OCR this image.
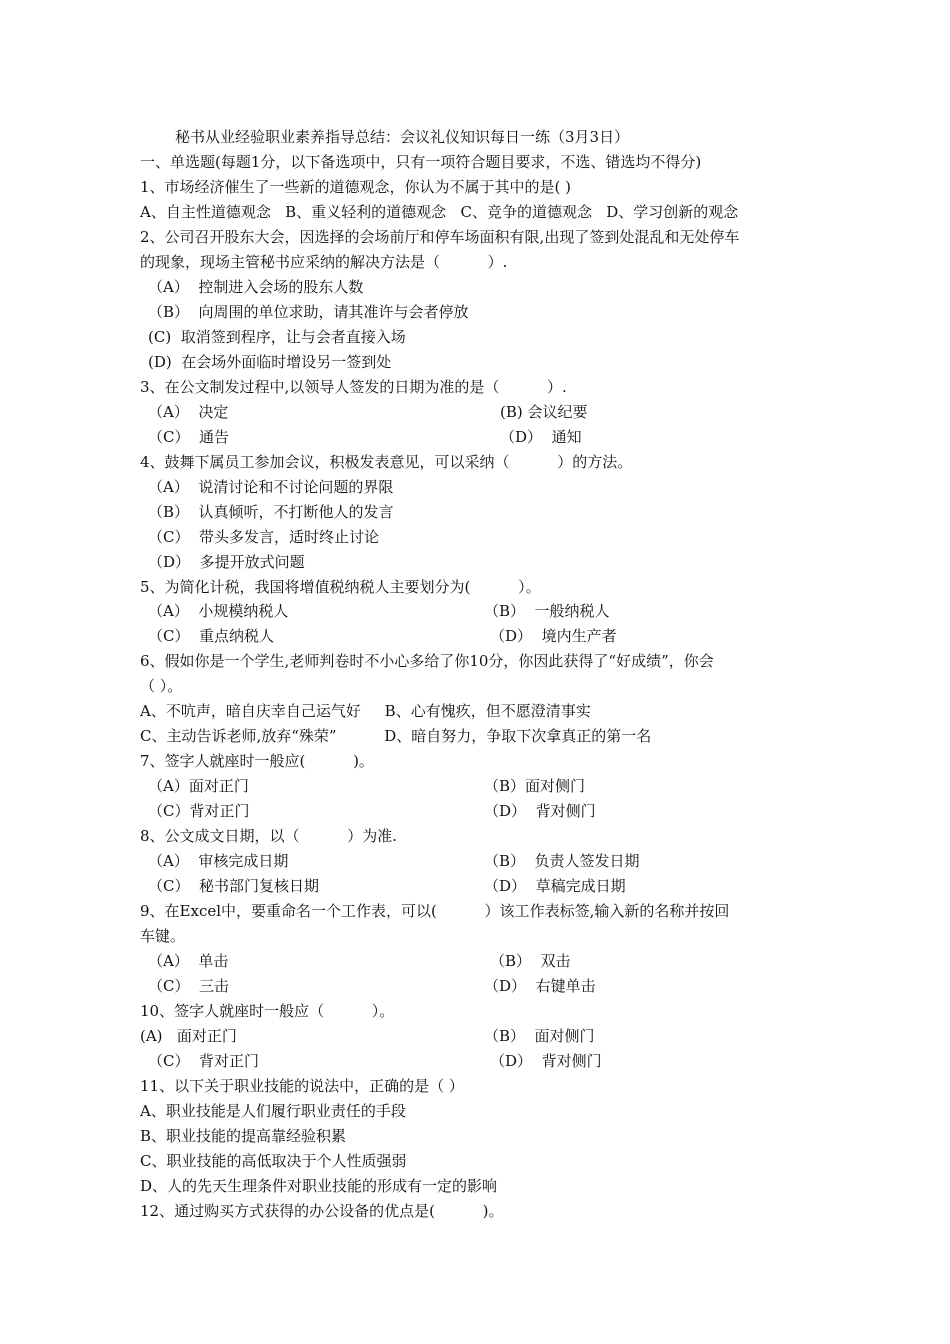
秘书从业经验职业素养指导总结：会议礼仪知识每日一练（3月3日）
一、单选题(每题1分，以下备选项中，只有一项符合题目要求，不选、错选均不得分)
1、市场经济催生了一些新的道德观念，你认为不属于其中的是( )
A、自主性道德观念   B、重义轻利的道德观念   C、竞争的道德观念   D、学习创新的观念
2、公司召开股东大会，因选择的会场前厅和停车场面积有限,出现了签到处混乱和无处停车
的现象，现场主管秘书应采纳的解决方法是（          ）.
（A）  控制进入会场的股东人数
（B）  向周围的单位求助，请其准许与会者停放
(C)  取消签到程序，让与会者直接入场
(D)  在会场外面临时增设另一签到处
3、在公文制发过程中,以领导人签发的日期为准的是（          ）.
（A）  决定	(B) 会议纪要
（C）  通告	（D）  通知
4、鼓舞下属员工参加会议，积极发表意见，可以采纳（          ）的方法。
（A）  说清讨论和不讨论问题的界限
（B）  认真倾听，不打断他人的发言
（C）  带头多发言，适时终止讨论
（D）  多提开放式问题
5、为简化计税，我国将增值税纳税人主要划分为(          ）。
（A）  小规模纳税人	（B）  一般纳税人
（C）  重点纳税人	（D）  境内生产者
6、假如你是一个学生,老师判卷时不小心多给了你10分，你因此获得了“好成绩”，你会
（ ）。
A、不吭声，暗自庆幸自己运气好     B、心有愧疚，但不愿澄清事实
C、主动告诉老师,放弃“殊荣”          D、暗自努力，争取下次拿真正的第一名
7、签字人就座时一般应(          )。
（A）面对正门	（B）面对侧门
（C）背对正门	（D）  背对侧门
8、公文成文日期，以（          ）为准.
（A）  审核完成日期	（B）  负责人签发日期
（C）  秘书部门复核日期	（D）  草稿完成日期
9、在Excel中，要重命名一个工作表，可以(          ）该工作表标签,输入新的名称并按回
车键。
（A）  单击	（B）  双击
（C）  三击	（D）  右键单击
10、签字人就座时一般应（          ）。
(A)   面对正门	（B）  面对侧门
（C）  背对正门	（D）  背对侧门
11、以下关于职业技能的说法中，正确的是（ ）
A、职业技能是人们履行职业责任的手段
B、职业技能的提高靠经验积累
C、职业技能的高低取决于个人性质强弱
D、人的先天生理条件对职业技能的形成有一定的影响
12、通过购买方式获得的办公设备的优点是(          )。
